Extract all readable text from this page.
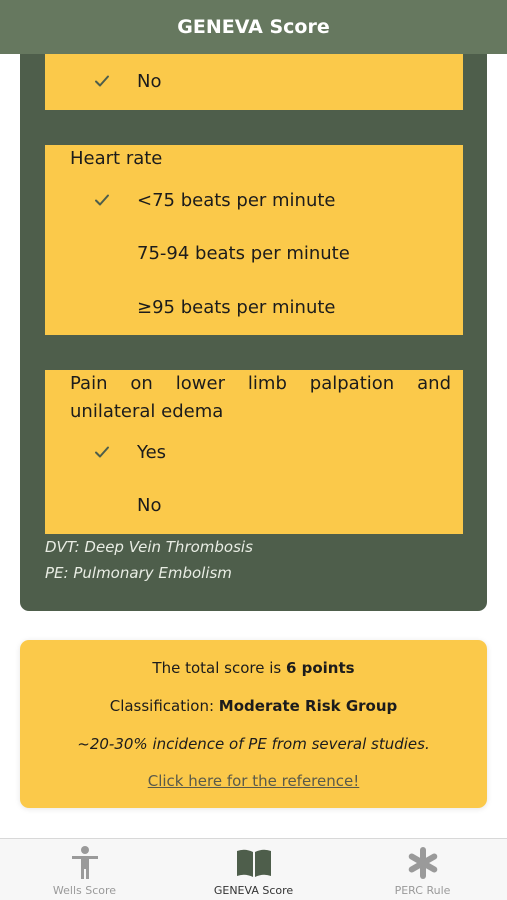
No
Heart rate
<75 beats per minute
75-94 beats per minute
≥95 beats per minute
Pain on lower limb palpation and unilateral edema
Yes
No
DVT: Deep Vein Thrombosis
PE: Pulmonary Embolism
GENEVA Score
The total score is 6 points
Classification: Moderate Risk Group
~20-30% incidence of PE from several studies.
Click here for the reference!
Wells Score	GENEVA Score	PERC Rule
